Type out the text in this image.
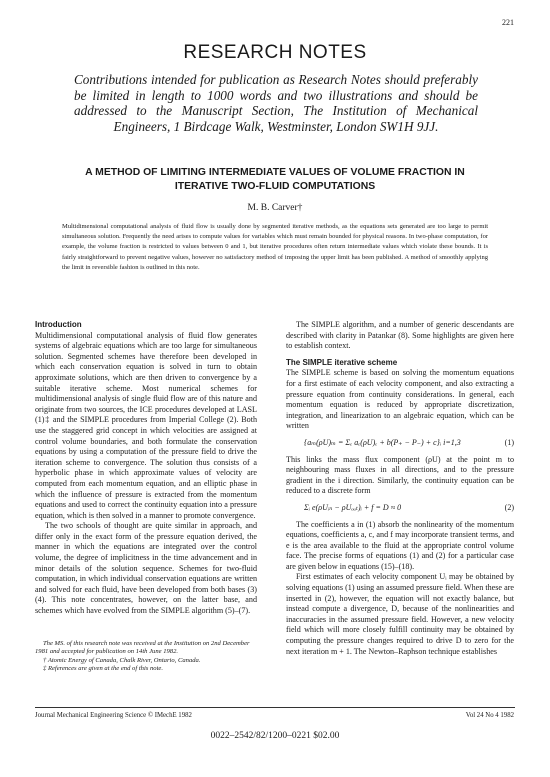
221
RESEARCH NOTES
Contributions intended for publication as Research Notes should preferably be limited in length to 1000 words and two illustrations and should be addressed to the Manuscript Section, The Institution of Mechanical Engineers, 1 Birdcage Walk, Westminster, London SW1H 9JJ.
A METHOD OF LIMITING INTERMEDIATE VALUES OF VOLUME FRACTION IN ITERATIVE TWO-FLUID COMPUTATIONS
M. B. Carver†
Multidimensional computational analysis of fluid flow is usually done by segmented iterative methods, as the equations sets generated are too large to permit simultaneous solution. Frequently the need arises to compute values for variables which must remain bounded for physical reasons. In two-phase computation, for example, the volume fraction is restricted to values between 0 and 1, but iterative procedures often return intermediate values which violate these bounds. It is fairly straightforward to prevent negative values, however no satisfactory method of imposing the upper limit has been published. A method of smoothly applying the limit in reversible fashion is outlined in this note.

Introduction

Multidimensional computational analysis of fluid flow generates systems of algebraic equations which are too large for simultaneous solution. Segmented schemes have therefore been developed in which each conservation equation is solved in turn to obtain approximate solutions, which are then driven to convergence by a suitable iterative scheme. Most numerical schemes for multidimensional analysis of single fluid flow are of this nature and originate from two sources, the ICE procedures developed at LASL (1)‡ and the SIMPLE procedures from Imperial College (2). Both use the staggered grid concept in which velocities are assigned at control volume boundaries, and both formulate the conservation equations by using a computation of the pressure field to drive the iteration scheme to convergence. The solution thus consists of a hyperbolic phase in which approximate values of velocity are computed from each momentum equation, and an elliptic phase in which the influence of pressure is extracted from the momentum equations and used to correct the continuity equation into a pressure equation, which is then solved in a manner to promote convergence.

The two schools of thought are quite similar in approach, and differ only in the exact form of the pressure equation derived, the manner in which the equations are integrated over the control volume, the degree of implicitness in the time advancement and in minor details of the solution sequence. Schemes for two-fluid computation, in which individual conservation equations are written and solved for each fluid, have been developed from both bases (3) (4). This note concentrates, however, on the latter base, and schemes which have evolved from the SIMPLE algorithm (5)–(7).

The MS. of this research note was received at the Institution on 2nd December 1981 and accepted for publication on 14th June 1982.

† Atomic Energy of Canada, Chalk River, Ontario, Canada.

‡ References are given at the end of this note.

The SIMPLE algorithm, and a number of generic descendants are described with clarity in Patankar (8). Some highlights are given here to establish context.

The SIMPLE iterative scheme

The SIMPLE scheme is based on solving the momentum equations for a first estimate of each velocity component, and also extracting a pressure equation from continuity considerations. In general, each momentum equation is reduced by appropriate discretization, integration, and linearization to an algebraic equation, which can be written

{aₘ(ρU)ₘ = Σₑ aₑ(ρU)ₑ + b(P₊ − P₋) + c}ᵢ i=1,3	(1)

This links the mass flux component (ρU) at the point m to neighbouring mass fluxes in all directions, and to the pressure gradient in the i direction. Similarly, the continuity equation can be reduced to a discrete form

Σᵢ e(ρUᵢₙ − ρUₒᵤₜ)ᵢ + f = D ≈ 0	(2)

The coefficients a in (1) absorb the nonlinearity of the momentum equations, coefficients a, c, and f may incorporate transient terms, and e is the area available to the fluid at the appropriate control volume face. The precise forms of equations (1) and (2) for a particular case are given below in equations (15)–(18).

First estimates of each velocity component Uᵢ may be obtained by solving equations (1) using an assumed pressure field. When these are inserted in (2), however, the equation will not exactly balance, but instead compute a divergence, D, because of the nonlinearities and inaccuracies in the assumed pressure field. However, a new velocity field which will more closely fulfill continuity may be obtained by computing the pressure changes required to drive D to zero for the next iteration m + 1. The Newton–Raphson technique establishes

Journal Mechanical Engineering Science © IMechE 1982	Vol 24 No 4 1982
0022–2542/82/1200–0221 $02.00
